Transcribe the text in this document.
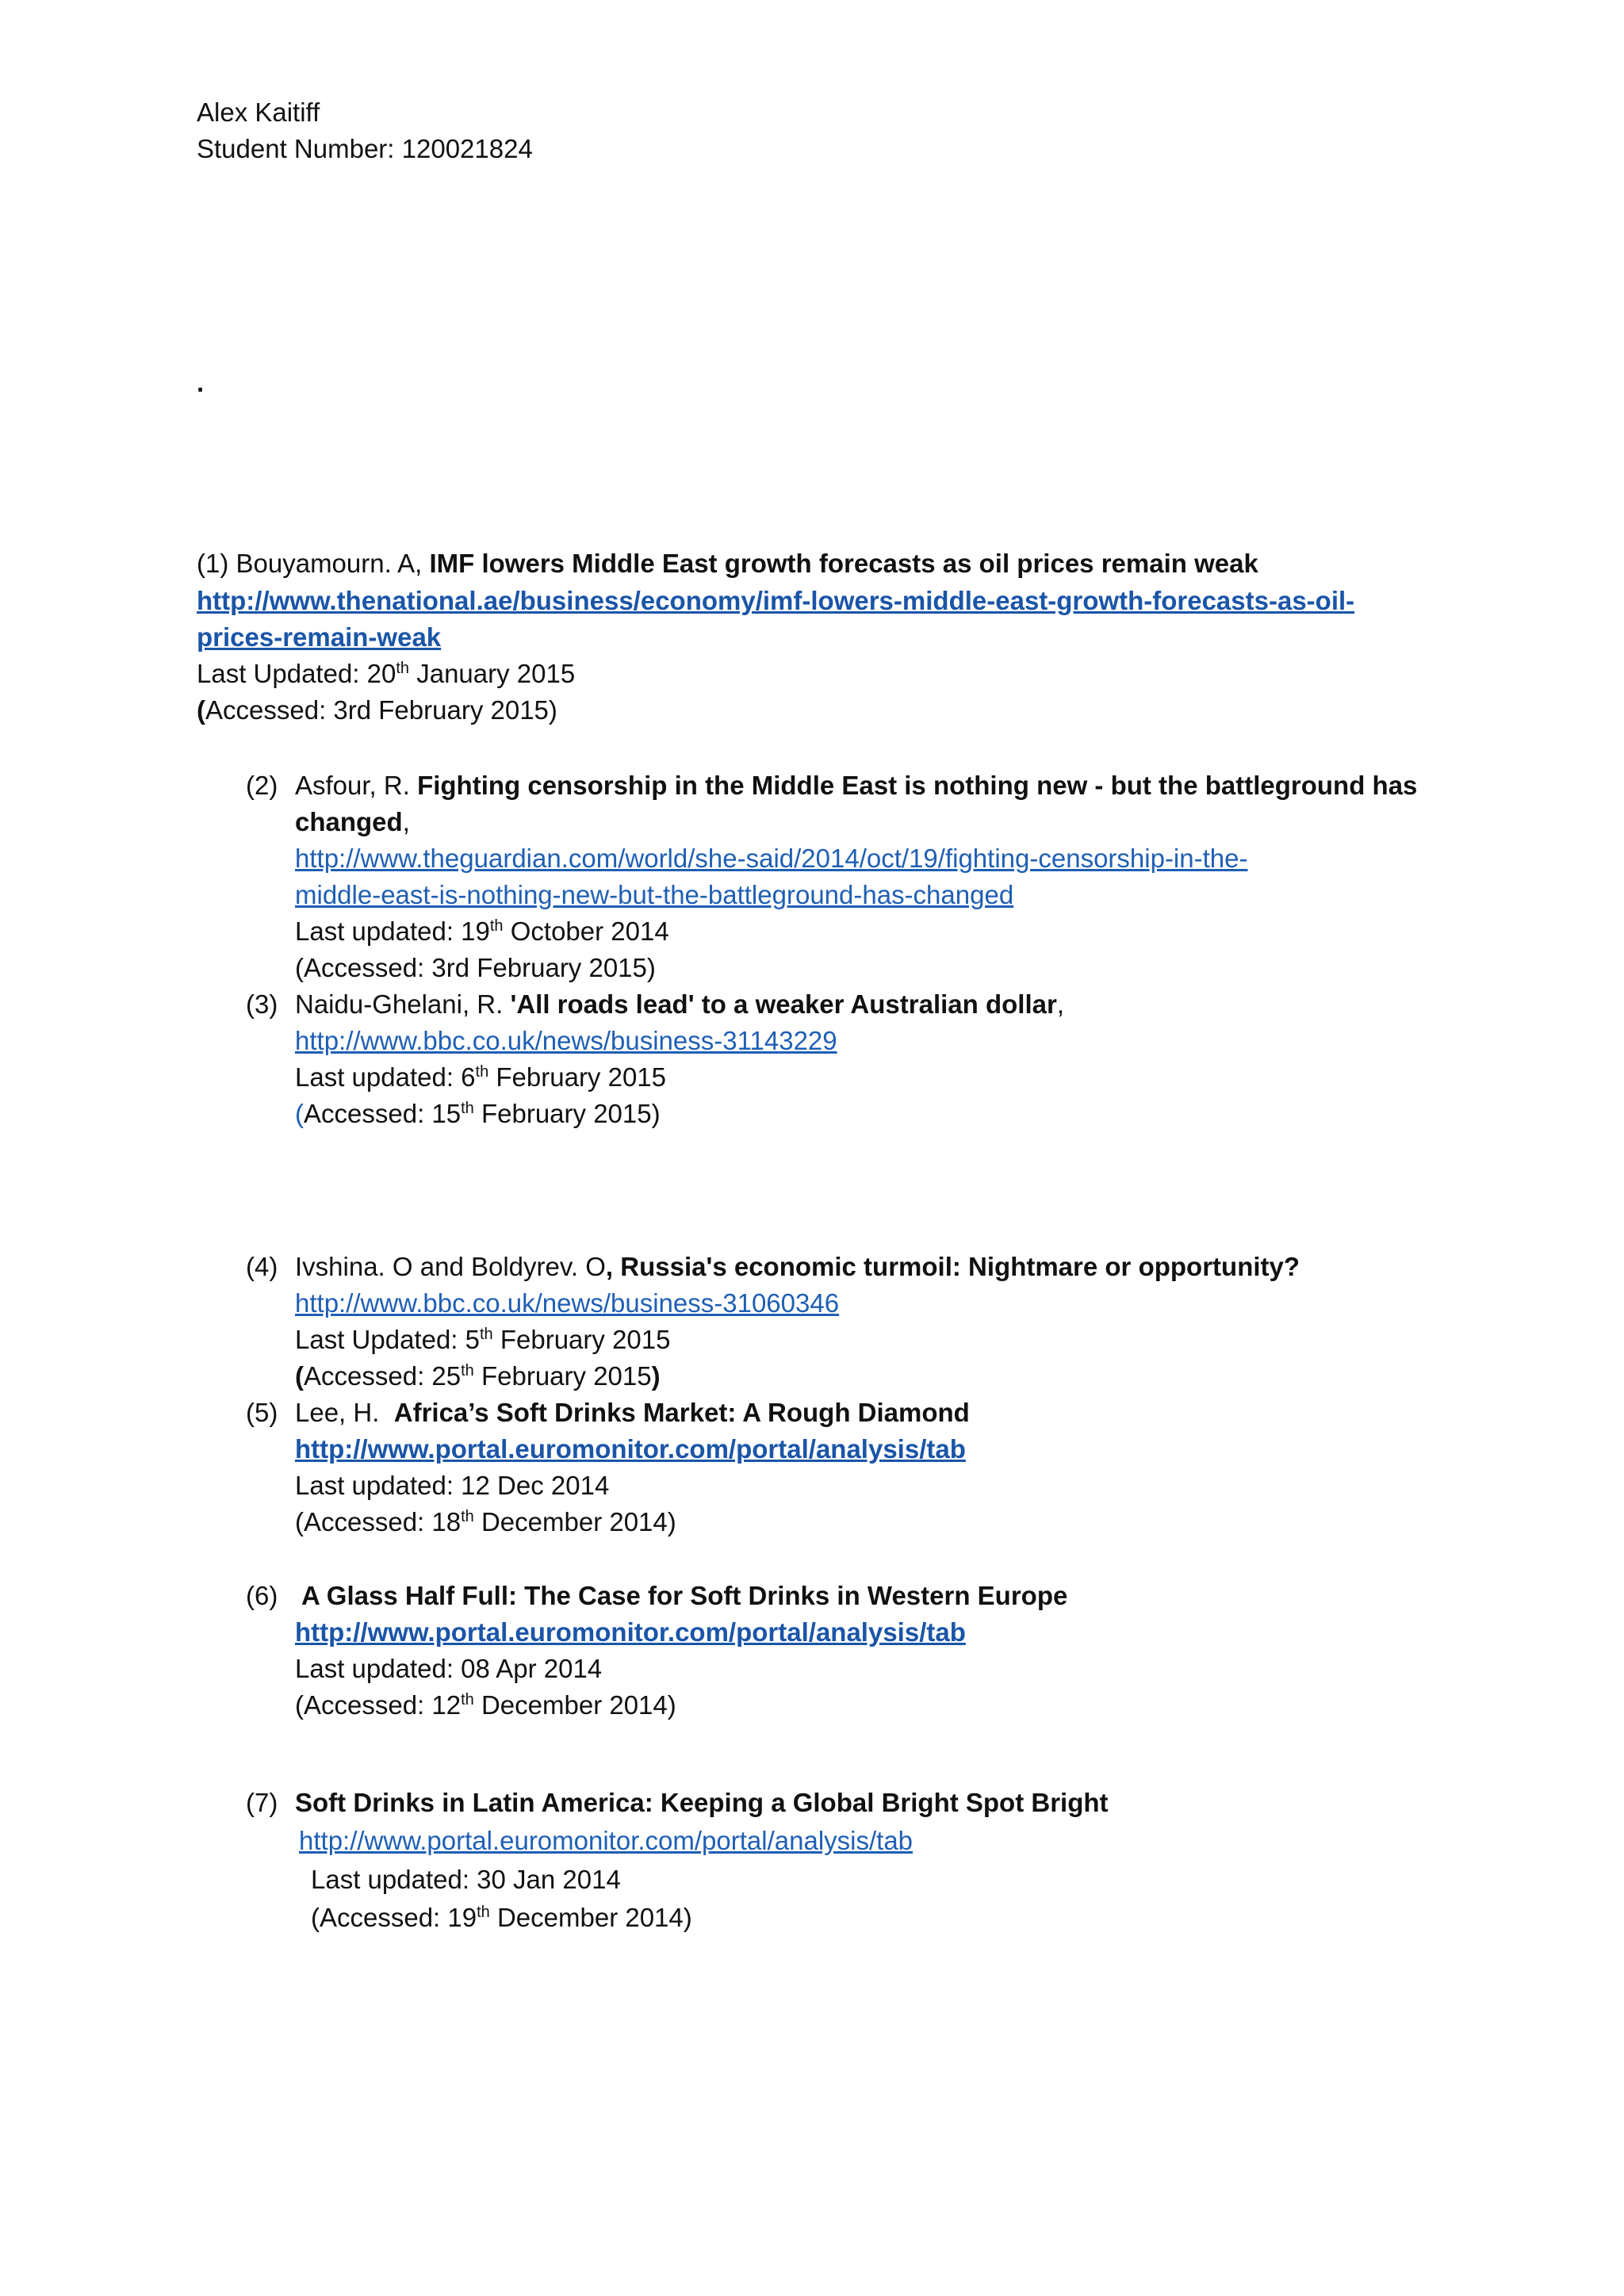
Alex Kaitiff
Student Number: 120021824
.
(1) Bouyamourn. A, IMF lowers Middle East growth forecasts as oil prices remain weak
http://www.thenational.ae/business/economy/imf-lowers-middle-east-growth-forecasts-as-oil-
prices-remain-weak
Last Updated: 20th January 2015
(Accessed: 3rd February 2015)
(2) Asfour, R. Fighting censorship in the Middle East is nothing new - but the battleground has
changed,
http://www.theguardian.com/world/she-said/2014/oct/19/fighting-censorship-in-the-
middle-east-is-nothing-new-but-the-battleground-has-changed
Last updated: 19th October 2014
(Accessed: 3rd February 2015)
(3) Naidu-Ghelani, R. 'All roads lead' to a weaker Australian dollar,
http://www.bbc.co.uk/news/business-31143229
Last updated: 6th February 2015
(Accessed: 15th February 2015)
(4) Ivshina. O and Boldyrev. O, Russia's economic turmoil: Nightmare or opportunity?
http://www.bbc.co.uk/news/business-31060346
Last Updated: 5th February 2015
(Accessed: 25th February 2015)
(5) Lee, H. Africa’s Soft Drinks Market: A Rough Diamond
http://www.portal.euromonitor.com/portal/analysis/tab
Last updated: 12 Dec 2014
(Accessed: 18th December 2014)
(6) A Glass Half Full: The Case for Soft Drinks in Western Europe
http://www.portal.euromonitor.com/portal/analysis/tab
Last updated: 08 Apr 2014
(Accessed: 12th December 2014)
(7) Soft Drinks in Latin America: Keeping a Global Bright Spot Bright
http://www.portal.euromonitor.com/portal/analysis/tab
Last updated: 30 Jan 2014
(Accessed: 19th December 2014)
